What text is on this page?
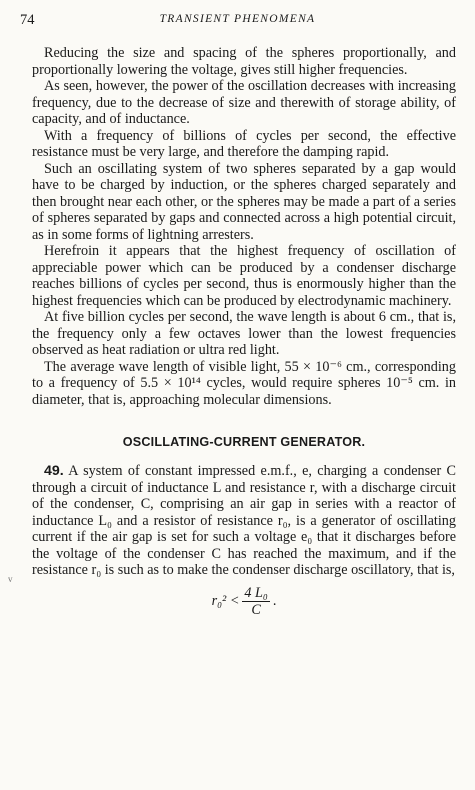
74	TRANSIENT PHENOMENA
v

Reducing the size and spacing of the spheres proportionally, and proportionally lowering the voltage, gives still higher frequencies.

As seen, however, the power of the oscillation decreases with increasing frequency, due to the decrease of size and therewith of storage ability, of capacity, and of inductance.

With a frequency of billions of cycles per second, the effective resistance must be very large, and therefore the damping rapid.

Such an oscillating system of two spheres separated by a gap would have to be charged by induction, or the spheres charged separately and then brought near each other, or the spheres may be made a part of a series of spheres separated by gaps and connected across a high potential circuit, as in some forms of lightning arresters.

Herefroin it appears that the highest frequency of oscillation of appreciable power which can be produced by a condenser discharge reaches billions of cycles per second, thus is enormously higher than the highest frequencies which can be produced by electrodynamic machinery.

At five billion cycles per second, the wave length is about 6 cm., that is, the frequency only a few octaves lower than the lowest frequencies observed as heat radiation or ultra red light.

The average wave length of visible light, 55 × 10⁻⁶ cm., corresponding to a frequency of 5.5 × 10¹⁴ cycles, would require spheres 10⁻⁵ cm. in diameter, that is, approaching molecular dimensions.

OSCILLATING-CURRENT GENERATOR.

49. A system of constant impressed e.m.f., e, charging a condenser C through a circuit of inductance L and resistance r, with a discharge circuit of the condenser, C, comprising an air gap in series with a reactor of inductance L₀ and a resistor of resistance r₀, is a generator of oscillating current if the air gap is set for such a voltage e₀ that it discharges before the voltage of the condenser C has reached the maximum, and if the resistance r₀ is such as to make the condenser discharge oscillatory, that is,

$r_0^2 < \frac{\text{4 L₀}}{C}$ .
